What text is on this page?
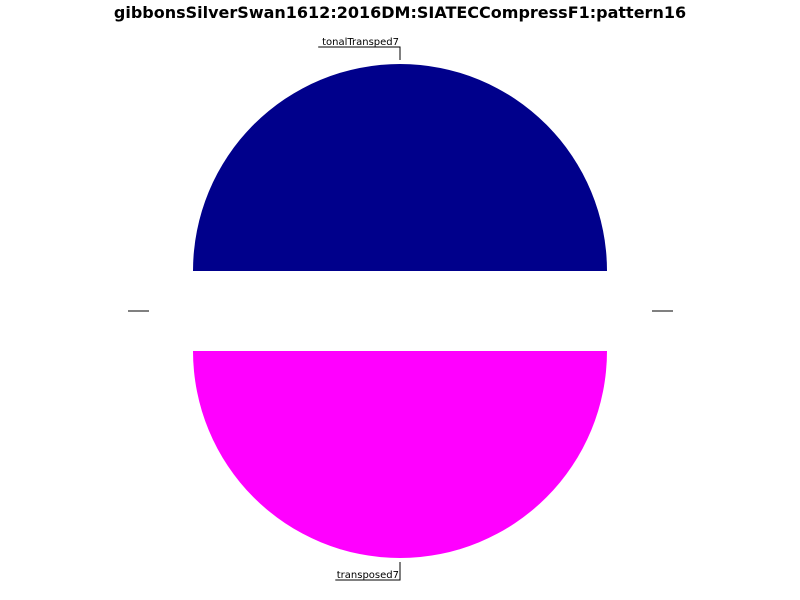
gibbonsSilverSwan1612:2016DM:SIATECCompressF1:pattern16
tonalTransped7
transposed7
